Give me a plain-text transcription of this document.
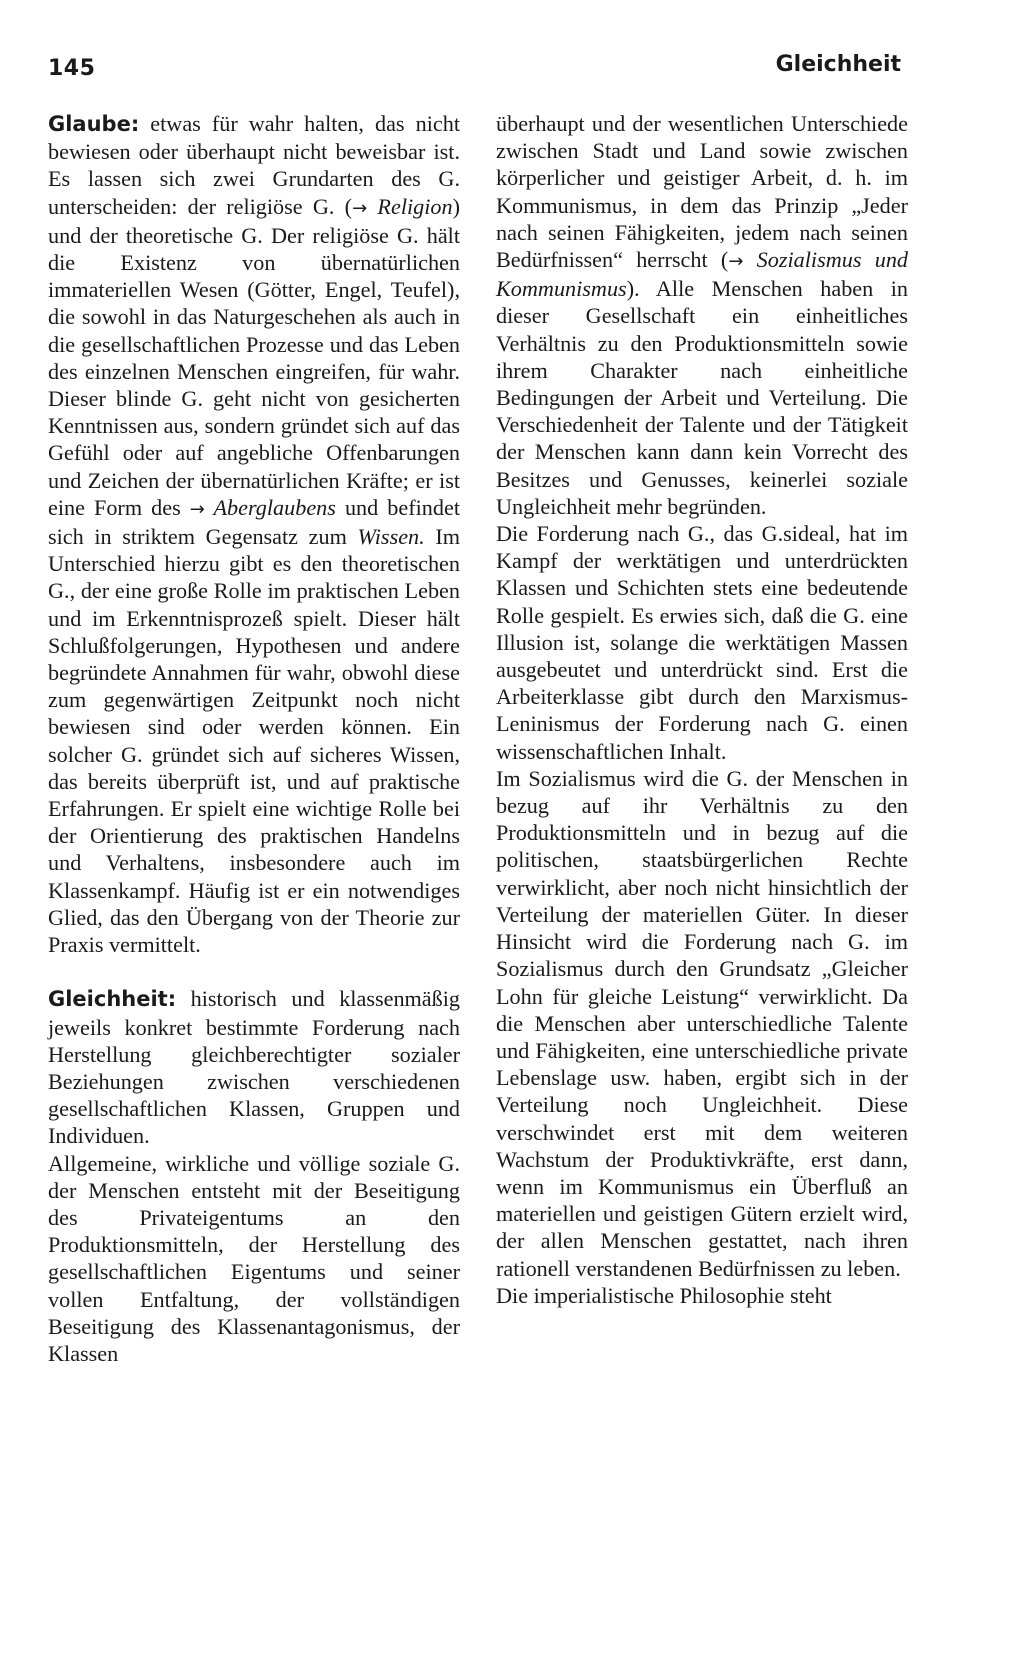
145	Gleichheit

Glaube: etwas für wahr halten, das nicht bewiesen oder überhaupt nicht beweisbar ist. Es lassen sich zwei Grundarten des G. unterscheiden: der religiöse G. (→ Religion) und der theoretische G. Der religiöse G. hält die Existenz von übernatürlichen immateriellen Wesen (Götter, Engel, Teufel), die sowohl in das Naturgeschehen als auch in die gesellschaftlichen Prozesse und das Leben des einzelnen Menschen eingreifen, für wahr. Dieser blinde G. geht nicht von gesicherten Kenntnissen aus, sondern gründet sich auf das Gefühl oder auf angebliche Offenbarungen und Zeichen der übernatürlichen Kräfte; er ist eine Form des → Aberglaubens und befindet sich in striktem Gegensatz zum Wissen. Im Unterschied hierzu gibt es den theoretischen G., der eine große Rolle im praktischen Leben und im Erkenntnisprozeß spielt. Dieser hält Schlußfolgerungen, Hypothesen und andere begründete Annahmen für wahr, obwohl diese zum gegenwärtigen Zeitpunkt noch nicht bewiesen sind oder werden können. Ein solcher G. gründet sich auf sicheres Wissen, das bereits überprüft ist, und auf praktische Erfahrungen. Er spielt eine wichtige Rolle bei der Orientierung des praktischen Handelns und Verhaltens, insbesondere auch im Klassenkampf. Häufig ist er ein notwendiges Glied, das den Übergang von der Theorie zur Praxis vermittelt.

Gleichheit: historisch und klassenmäßig jeweils konkret bestimmte Forderung nach Herstellung gleichberechtigter sozialer Beziehungen zwischen verschiedenen gesellschaftlichen Klassen, Gruppen und Individuen.

Allgemeine, wirkliche und völlige soziale G. der Menschen entsteht mit der Beseitigung des Privateigentums an den Produktionsmitteln, der Herstellung des gesellschaftlichen Eigentums und seiner vollen Entfaltung, der vollständigen Beseitigung des Klassenantagonismus, der Klassen

überhaupt und der wesentlichen Unterschiede zwischen Stadt und Land sowie zwischen körperlicher und geistiger Arbeit, d. h. im Kommunismus, in dem das Prinzip „Jeder nach seinen Fähigkeiten, jedem nach seinen Bedürfnissen“ herrscht (→ Sozialismus und Kommunismus). Alle Menschen haben in dieser Gesellschaft ein einheitliches Verhältnis zu den Produktionsmitteln sowie ihrem Charakter nach einheitliche Bedingungen der Arbeit und Verteilung. Die Verschiedenheit der Talente und der Tätigkeit der Menschen kann dann kein Vorrecht des Besitzes und Genusses, keinerlei soziale Ungleichheit mehr begründen.

Die Forderung nach G., das G.sideal, hat im Kampf der werktätigen und unterdrückten Klassen und Schichten stets eine bedeutende Rolle gespielt. Es erwies sich, daß die G. eine Illusion ist, solange die werktätigen Massen ausgebeutet und unterdrückt sind. Erst die Arbeiterklasse gibt durch den Marxismus-Leninismus der Forderung nach G. einen wissenschaftlichen Inhalt.

Im Sozialismus wird die G. der Menschen in bezug auf ihr Verhältnis zu den Produktionsmitteln und in bezug auf die politischen, staatsbürgerlichen Rechte verwirklicht, aber noch nicht hinsichtlich der Verteilung der materiellen Güter. In dieser Hinsicht wird die Forderung nach G. im Sozialismus durch den Grundsatz „Gleicher Lohn für gleiche Leistung“ verwirklicht. Da die Menschen aber unterschiedliche Talente und Fähigkeiten, eine unterschiedliche private Lebenslage usw. haben, ergibt sich in der Verteilung noch Ungleichheit. Diese verschwindet erst mit dem weiteren Wachstum der Produktivkräfte, erst dann, wenn im Kommunismus ein Überfluß an materiellen und geistigen Gütern erzielt wird, der allen Menschen gestattet, nach ihren rationell verstandenen Bedürfnissen zu leben.

Die imperialistische Philosophie steht
